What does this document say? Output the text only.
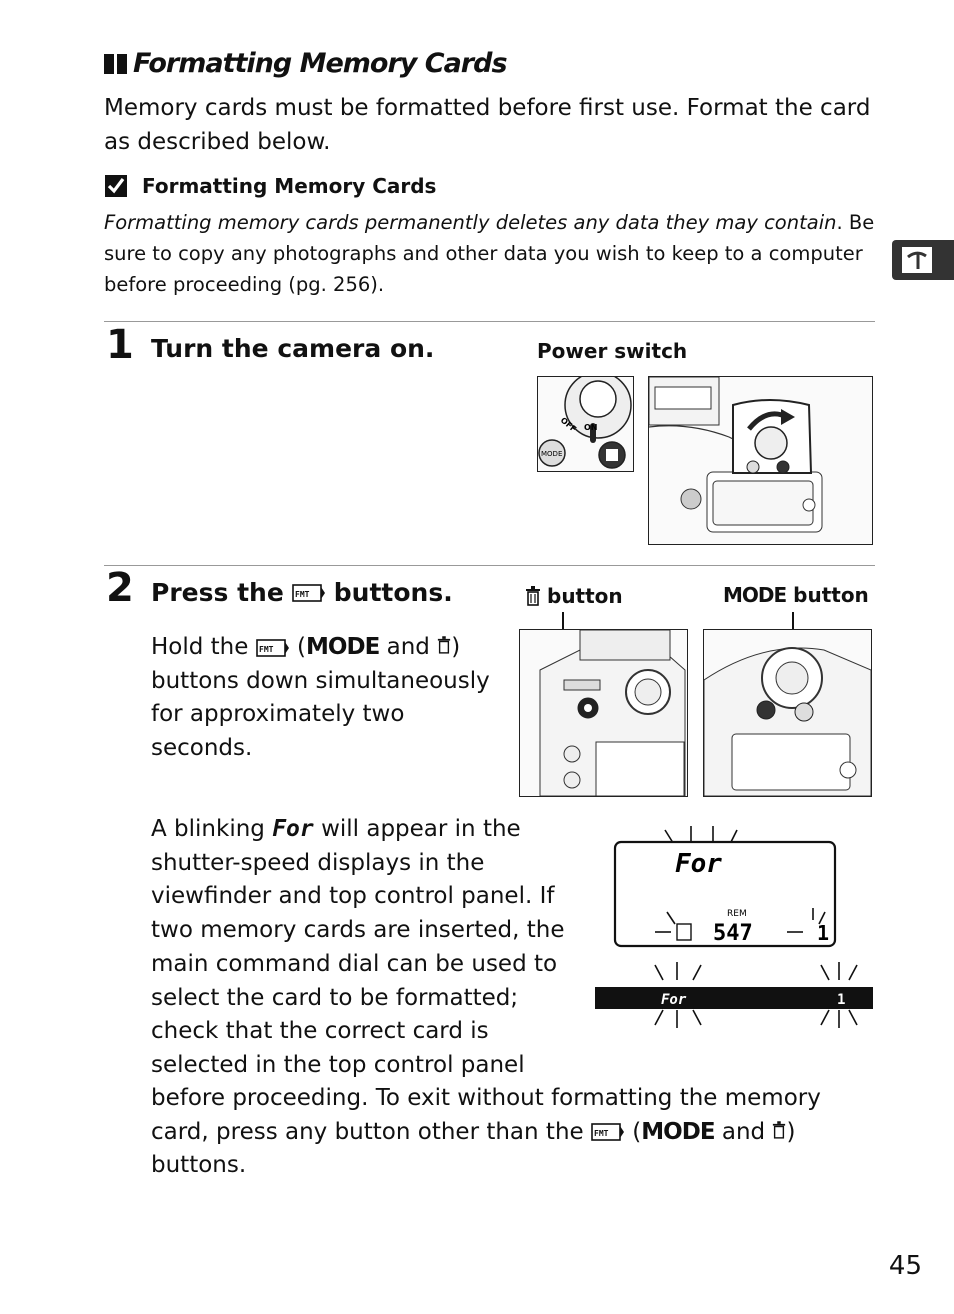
Formatting Memory Cards
Memory cards must be formatted before first use. Format the card as described below.
Formatting Memory Cards
Formatting memory cards permanently deletes any data they may contain. Be sure to copy any photographs and other data you wish to keep to a computer before proceeding (pg. 256).
1 Turn the camera on.	Power switch
OFF ON
MODE
2 Press the FMT buttons.	button	MODE button
Hold the FMT (MODE and ) buttons down simultaneously for approximately two seconds.
A blinking For will appear in the shutter-speed displays in the viewfinder and top control panel. If two memory cards are inserted, the main command dial can be used to select the card to be formatted; check that the correct card is selected in the top control panel
before proceeding. To exit without formatting the memory card, press any button other than the FMT (MODE and ) buttons.
For
REM
547	1
For	1
45
